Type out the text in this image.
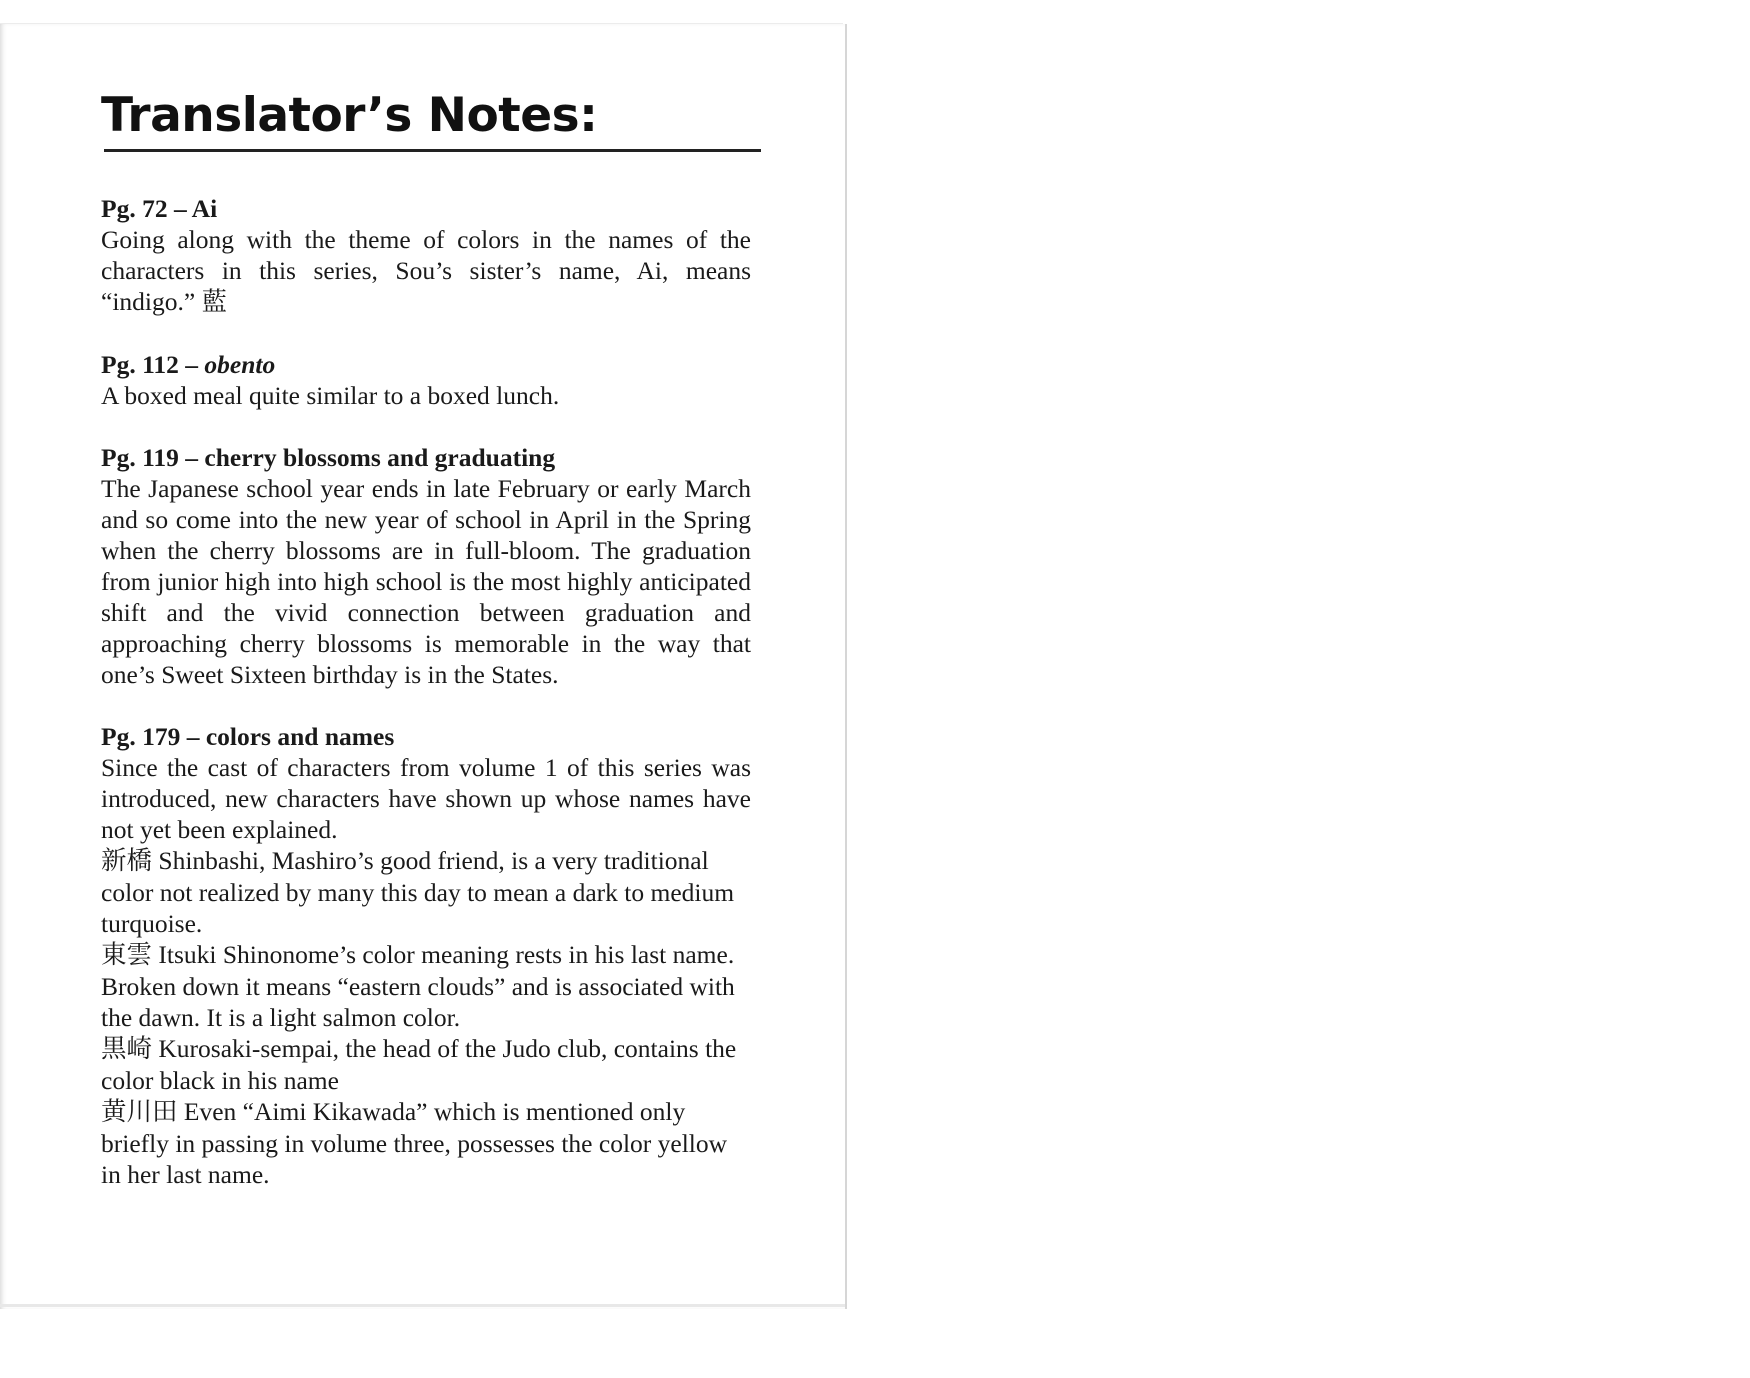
Translator’s Notes:
Pg. 72 – Ai
Going along with the theme of colors in the names of the characters in this series, Sou’s sister’s name, Ai, means “indigo.” 藍
Pg. 112 – obento
A boxed meal quite similar to a boxed lunch.
Pg. 119 – cherry blossoms and graduating
The Japanese school year ends in late February or early March and so come into the new year of school in April in the Spring when the cherry blossoms are in full-bloom. The graduation from junior high into high school is the most highly anticipated shift and the vivid connection between graduation and approaching cherry blossoms is memorable in the way that one’s Sweet Sixteen birthday is in the States.
Pg. 179 – colors and names
Since the cast of characters from volume 1 of this series was introduced, new characters have shown up whose names have not yet been explained.
新橋 Shinbashi, Mashiro’s good friend, is a very traditional color not realized by many this day to mean a dark to medium turquoise.
東雲 Itsuki Shinonome’s color meaning rests in his last name. Broken down it means “eastern clouds” and is associated with the dawn. It is a light salmon color.
黒崎 Kurosaki-sempai, the head of the Judo club, contains the color black in his name
黄川田 Even “Aimi Kikawada” which is mentioned only briefly in passing in volume three, possesses the color yellow in her last name.
